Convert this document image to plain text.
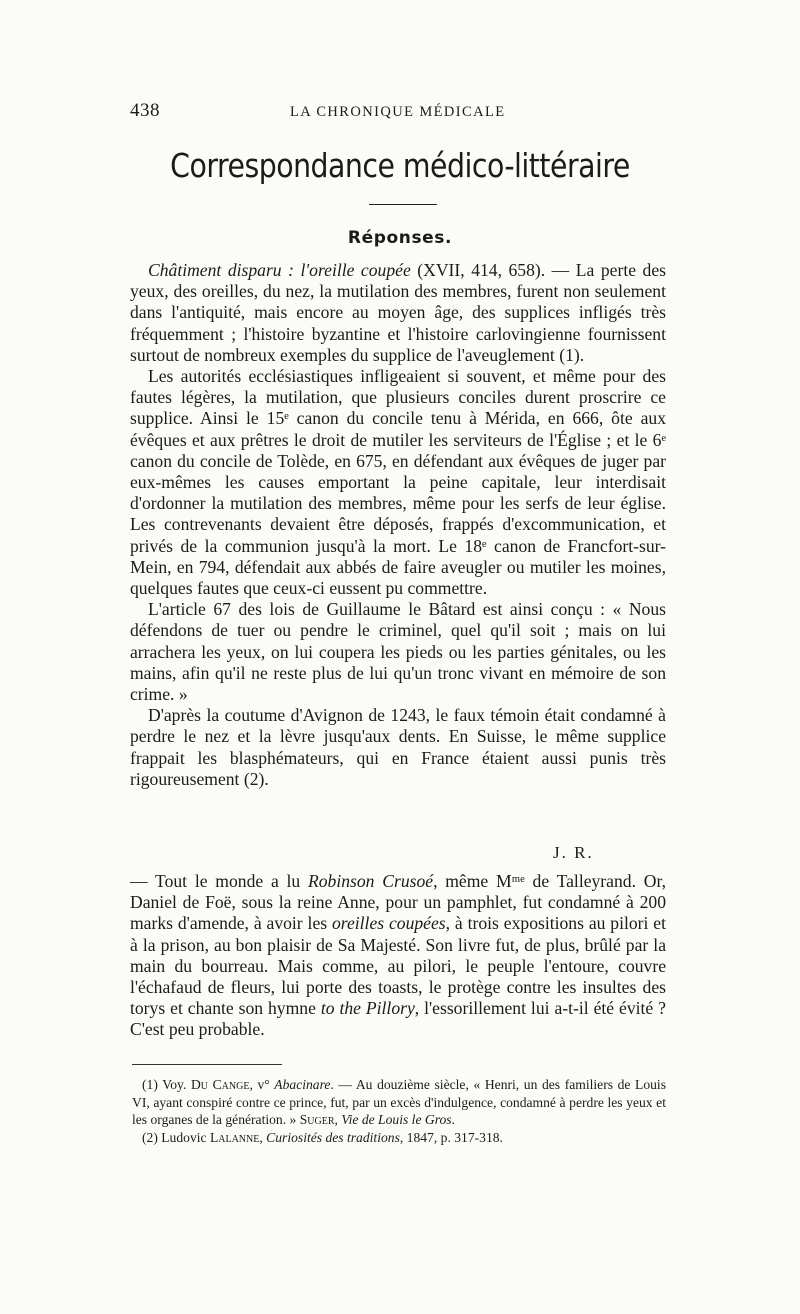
438	LA CHRONIQUE MÉDICALE
Correspondance médico-littéraire
Réponses.

Châtiment disparu : l'oreille coupée (XVII, 414, 658). — La perte des yeux, des oreilles, du nez, la mutilation des membres, furent non seulement dans l'antiquité, mais encore au moyen âge, des supplices infligés très fréquemment ; l'histoire byzantine et l'histoire carlovingienne fournissent surtout de nombreux exemples du supplice de l'aveuglement (1).

Les autorités ecclésiastiques infligeaient si souvent, et même pour des fautes légères, la mutilation, que plusieurs conciles durent proscrire ce supplice. Ainsi le 15ᵉ canon du concile tenu à Mérida, en 666, ôte aux évêques et aux prêtres le droit de mutiler les serviteurs de l'Église ; et le 6ᵉ canon du concile de Tolède, en 675, en défendant aux évêques de juger par eux-mêmes les causes emportant la peine capitale, leur interdisait d'ordonner la mutilation des membres, même pour les serfs de leur église. Les contrevenants devaient être déposés, frappés d'excommunication, et privés de la communion jusqu'à la mort. Le 18ᵉ canon de Francfort-sur-Mein, en 794, défendait aux abbés de faire aveugler ou mutiler les moines, quelques fautes que ceux-ci eussent pu commettre.

L'article 67 des lois de Guillaume le Bâtard est ainsi conçu : « Nous défendons de tuer ou pendre le criminel, quel qu'il soit ; mais on lui arrachera les yeux, on lui coupera les pieds ou les parties génitales, ou les mains, afin qu'il ne reste plus de lui qu'un tronc vivant en mémoire de son crime. »

D'après la coutume d'Avignon de 1243, le faux témoin était condamné à perdre le nez et la lèvre jusqu'aux dents. En Suisse, le même supplice frappait les blasphémateurs, qui en France étaient aussi punis très rigoureusement (2).

J. R.

— Tout le monde a lu Robinson Crusoé, même Mᵐᵉ de Talleyrand. Or, Daniel de Foë, sous la reine Anne, pour un pamphlet, fut condamné à 200 marks d'amende, à avoir les oreilles coupées, à trois expositions au pilori et à la prison, au bon plaisir de Sa Majesté. Son livre fut, de plus, brûlé par la main du bourreau. Mais comme, au pilori, le peuple l'entoure, couvre l'échafaud de fleurs, lui porte des toasts, le protège contre les insultes des torys et chante son hymne to the Pillory, l'essorillement lui a-t-il été évité ? C'est peu probable.

(1) Voy. Du Cange, v° Abacinare. — Au douzième siècle, « Henri, un des familiers de Louis VI, ayant conspiré contre ce prince, fut, par un excès d'indulgence, condamné à perdre les yeux et les organes de la génération. » Suger, Vie de Louis le Gros.

(2) Ludovic Lalanne, Curiosités des traditions, 1847, p. 317-318.
